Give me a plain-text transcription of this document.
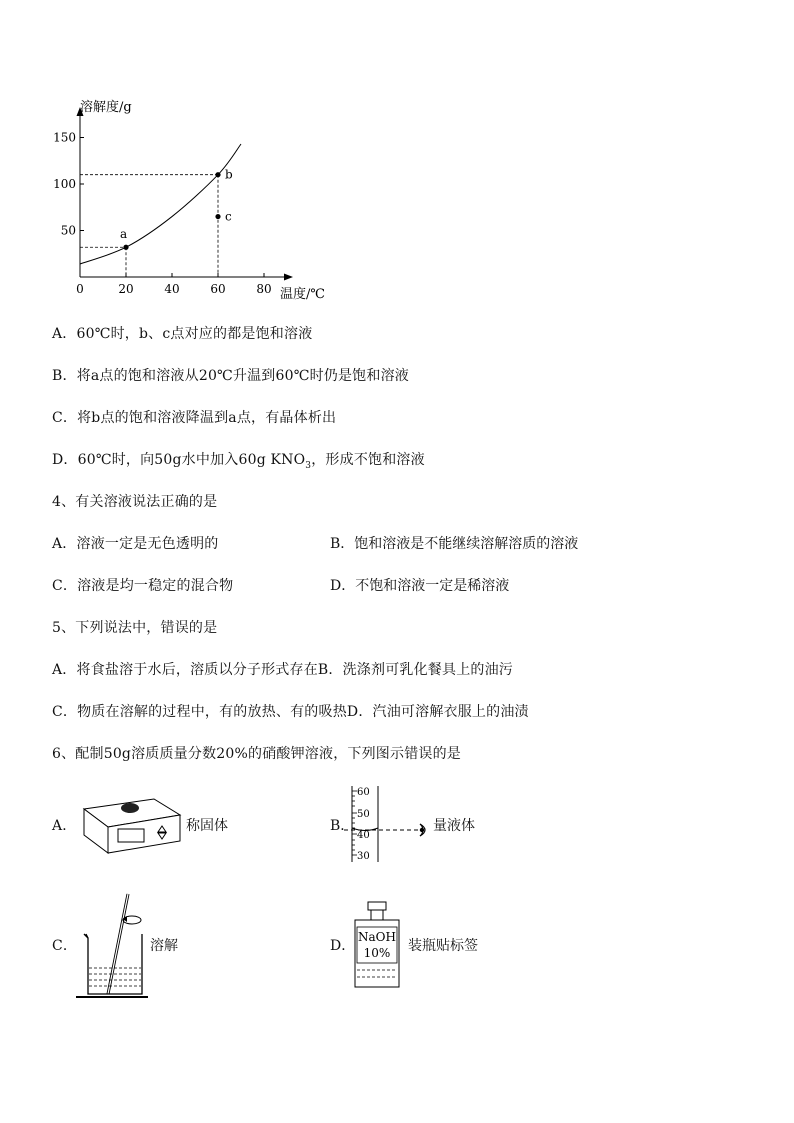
150
100
50
0	20	40	60	80
a
b
c
溶解度/g
温度/℃
A．60℃时，b、c点对应的都是饱和溶液
B．将a点的饱和溶液从20℃升温到60℃时仍是饱和溶液
C．将b点的饱和溶液降温到a点，有晶体析出
D．60℃时，向50g水中加入60g $KNO_3$，形成不饱和溶液
4、有关溶液说法正确的是
A．溶液一定是无色透明的	B．饱和溶液是不能继续溶解溶质的溶液
C．溶液是均一稳定的混合物	D．不饱和溶液一定是稀溶液
5、下列说法中，错误的是
A．将食盐溶于水后，溶质以分子形式存在B．洗涤剂可乳化餐具上的油污
C．物质在溶解的过程中，有的放热、有的吸热D．汽油可溶解衣服上的油渍
6、配制50g溶质质量分数20%的硝酸钾溶液，下列图示错误的是
A．	称固体	B．
60
50
40
30
量液体
C．	溶解	D．
NaOH
10% 装瓶贴标签
